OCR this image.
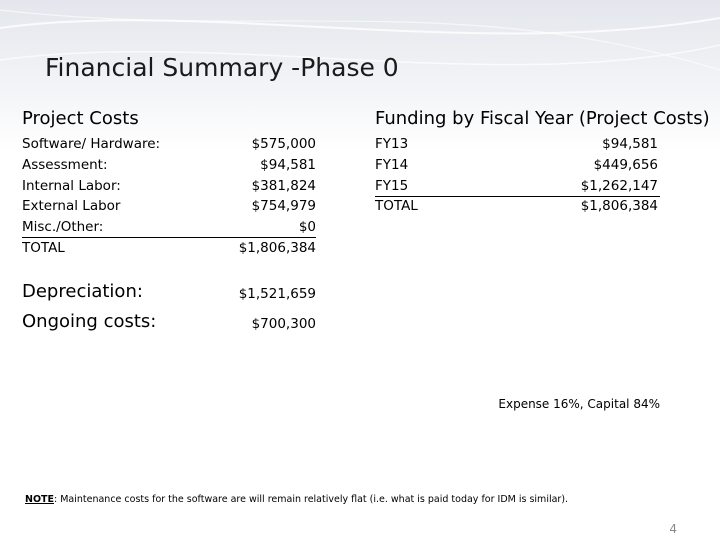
Financial Summary -Phase 0
Project Costs
Software/ Hardware:	$575,000
Assessment:	$94,581
Internal Labor:	$381,824
External Labor	$754,979
Misc./Other:	$0
TOTAL	$1,806,384
Funding by Fiscal Year (Project Costs)
FY13	$94,581
FY14	$449,656
FY15	$1,262,147
TOTAL	$1,806,384
Depreciation:	$1,521,659
Ongoing costs:	$700,300
Expense 16%, Capital 84%
NOTE: Maintenance costs for the software are will remain relatively flat (i.e. what is paid today for IDM is similar).
4
